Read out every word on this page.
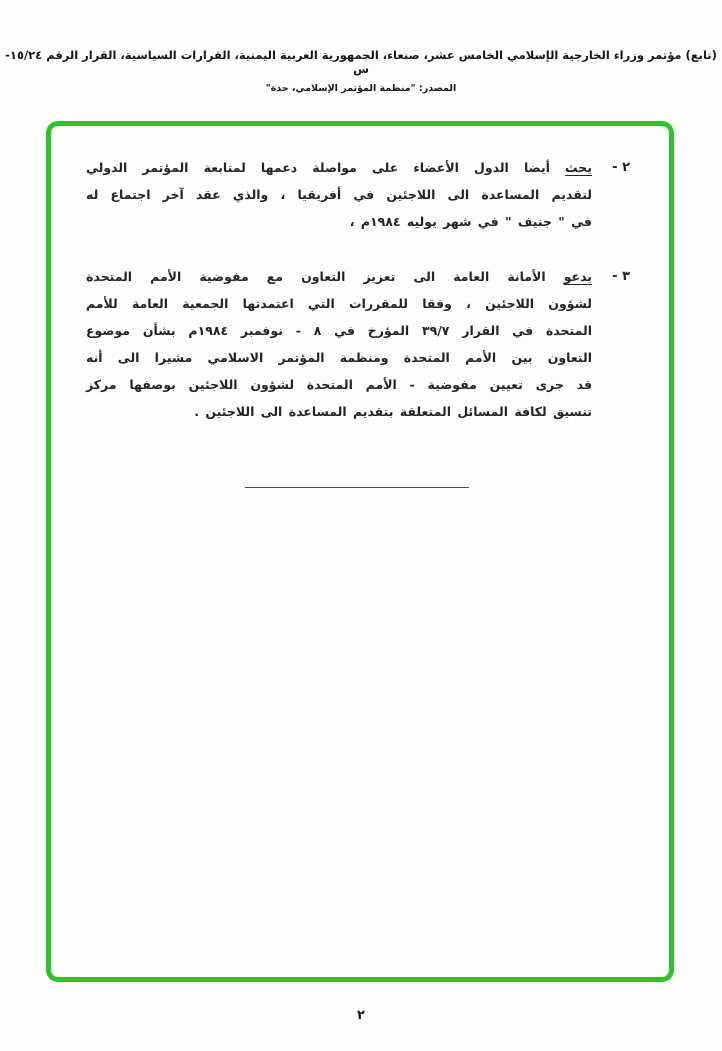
(تابع) مؤتمر وزراء الخارجية الإسلامي الخامس عشر، صنعاء، الجمهورية العربية اليمنية، القرارات السياسية، القرار الرقم ١٥/٢٤-س
المصدر: "منظمة المؤتمر الإسلامي، جدة"
٢ -
يحث أيضا الدول الأعضاء على مواصلة دعمها لمتابعة المؤتمر الدولي
لتقديم المساعدة الى اللاجئين في أفريقيا ، والذي عقد آخر اجتماع له
في " جنيف " في شهر يوليه ١٩٨٤م ،
٣ -
يدعو الأمانة العامة الى تعزيز التعاون مع مفوضية الأمم المتحدة
لشؤون اللاجئين ، وفقا للمقررات التي اعتمدتها الجمعية العامة للأمم
المتحدة في القرار ٣٩/٧ المؤرخ في ٨ - نوفمبر ١٩٨٤م بشأن موضوع
التعاون بين الأمم المتحدة ومنظمة المؤتمر الاسلامي مشيرا الى أنه
قد جرى تعيين مفوضية - الأمم المتحدة لشؤون اللاجئين بوصفها مركز
تنسيق لكافة المسائل المتعلقة بتقديم المساعدة الى اللاجئين .
٢
